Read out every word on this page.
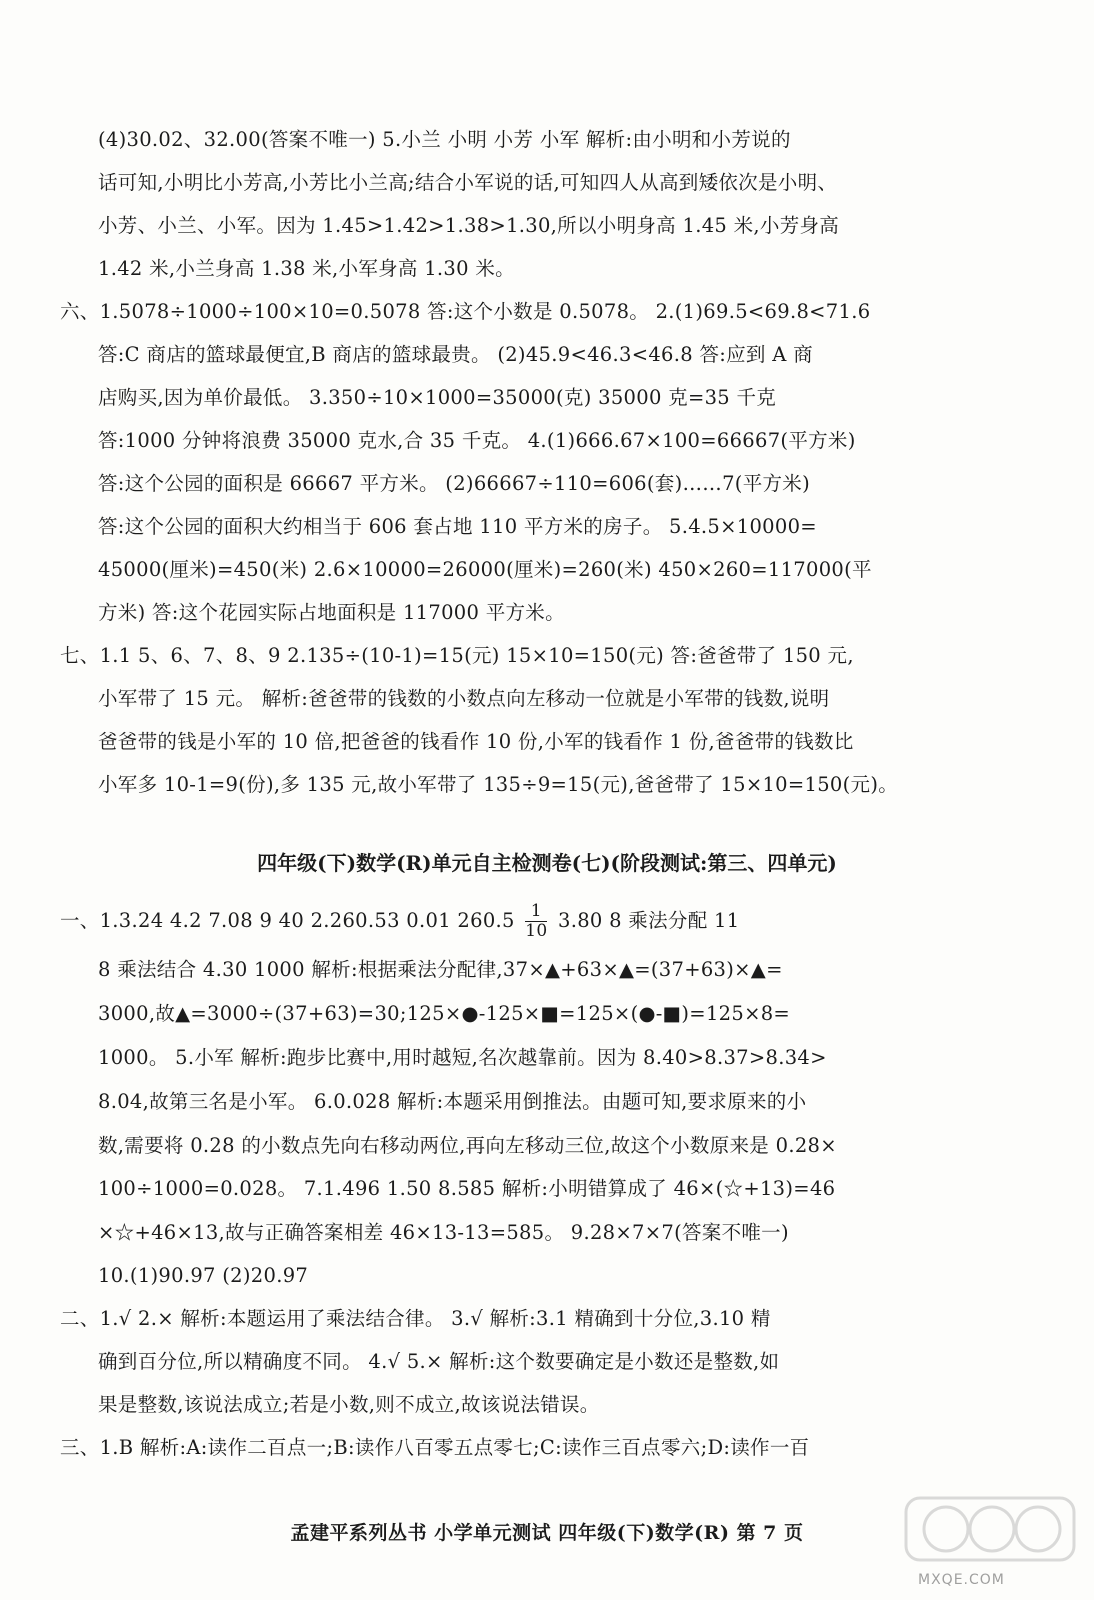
(4)30.02、32.00(答案不唯一) 5.小兰 小明 小芳 小军 解析:由小明和小芳说的
话可知,小明比小芳高,小芳比小兰高;结合小军说的话,可知四人从高到矮依次是小明、
小芳、小兰、小军。因为 1.45>1.42>1.38>1.30,所以小明身高 1.45 米,小芳身高
1.42 米,小兰身高 1.38 米,小军身高 1.30 米。
六、1.5078÷1000÷100×10=0.5078 答:这个小数是 0.5078。 2.(1)69.5<69.8<71.6
答:C 商店的篮球最便宜,B 商店的篮球最贵。 (2)45.9<46.3<46.8 答:应到 A 商
店购买,因为单价最低。 3.350÷10×1000=35000(克) 35000 克=35 千克
答:1000 分钟将浪费 35000 克水,合 35 千克。 4.(1)666.67×100=66667(平方米)
答:这个公园的面积是 66667 平方米。 (2)66667÷110=606(套)……7(平方米)
答:这个公园的面积大约相当于 606 套占地 110 平方米的房子。 5.4.5×10000=
45000(厘米)=450(米) 2.6×10000=26000(厘米)=260(米) 450×260=117000(平
方米) 答:这个花园实际占地面积是 117000 平方米。
七、1.1 5、6、7、8、9 2.135÷(10-1)=15(元) 15×10=150(元) 答:爸爸带了 150 元,
小军带了 15 元。 解析:爸爸带的钱数的小数点向左移动一位就是小军带的钱数,说明
爸爸带的钱是小军的 10 倍,把爸爸的钱看作 10 份,小军的钱看作 1 份,爸爸带的钱数比
小军多 10-1=9(份),多 135 元,故小军带了 135÷9=15(元),爸爸带了 15×10=150(元)。
四年级(下)数学(R)单元自主检测卷(七)(阶段测试:第三、四单元)
一、1.3.24 4.2 7.08 9 40 2.260.53 0.01 $260.5 \frac{1}{10} 3.80$ 8 乘法分配 11
8 乘法结合 4.30 1000 解析:根据乘法分配律,37×▲+63×▲=(37+63)×▲=
3000,故▲=3000÷(37+63)=30;125×●-125×■=125×(●-■)=125×8=
1000。 5.小军 解析:跑步比赛中,用时越短,名次越靠前。因为 8.40>8.37>8.34>
8.04,故第三名是小军。 6.0.028 解析:本题采用倒推法。由题可知,要求原来的小
数,需要将 0.28 的小数点先向右移动两位,再向左移动三位,故这个小数原来是 0.28×
100÷1000=0.028。 7.1.496 1.50 8.585 解析:小明错算成了 46×(☆+13)=46
×☆+46×13,故与正确答案相差 46×13-13=585。 9.28×7×7(答案不唯一)
10.(1)90.97 (2)20.97
二、1.√ 2.× 解析:本题运用了乘法结合律。 3.√ 解析:3.1 精确到十分位,3.10 精
确到百分位,所以精确度不同。 4.√ 5.× 解析:这个数要确定是小数还是整数,如
果是整数,该说法成立;若是小数,则不成立,故该说法错误。
三、1.B 解析:A:读作二百点一;B:读作八百零五点零七;C:读作三百点零六;D:读作一百
孟建平系列丛书 小学单元测试 四年级(下)数学(R) 第 7 页
MXQE.COM
